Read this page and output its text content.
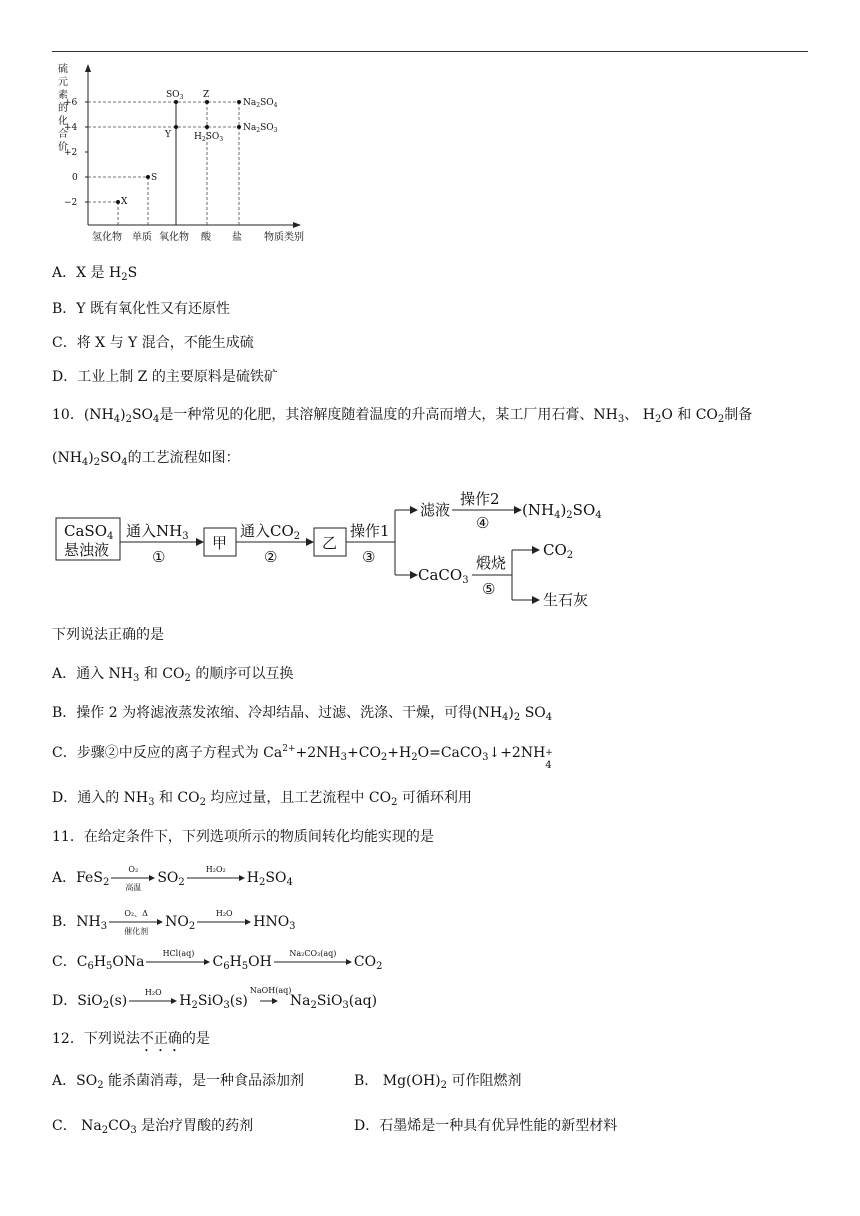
硫
元
素
的
化
合
价
+6
+4
+2
0
−2	X
S
$SO_3$
Y
Z
$H_2SO_3$
$Na_2SO_4$
$Na_2SO_3$
氢化物 单质 氧化物 酸 盐 物质类别
A．X 是 $H_2S$
B．Y 既有氧化性又有还原性
C．将 X 与 Y 混合，不能生成硫
D．工业上制 Z 的主要原料是硫铁矿
10．$(NH_4)_2SO_4$是一种常见的化肥，其溶解度随着温度的升高而增大，某工厂用石膏、$NH_3$、 $H_2O$ 和 $CO_2$制备
$(NH_4)_2SO_4$的工艺流程如图：
CaSO$_4$
悬浊液
通入$NH_3$
①
甲
通入$CO_2$
②
乙
操作1
③
滤液
操作2
④
$(NH_4)_2SO_4$
CaCO$_3$
煅烧
⑤
$CO_2$
生石灰
下列说法正确的是
A．通入 $NH_3$ 和 $CO_2$ 的顺序可以互换
B．操作 2 为将滤液蒸发浓缩、冷却结晶、过滤、洗涤、干燥，可得$(NH_4)_2$ $SO_4$
C．步骤②中反应的离子方程式为 $Ca^{2+}+2NH_3+CO_2+H_2O=CaCO_3↓+2NH$ +
4
D．通入的 $NH_3$ 和 $CO_2$ 均应过量，且工艺流程中 $CO_2$ 可循环利用
11．在给定条件下，下列选项所示的物质间转化均能实现的是
A．FeS$_2$
O₂
高温
$SO_2$
H₂O₂
$H_2SO_4$
B．$NH_3$
O₂、Δ
催化剂
$NO_2$
H₂O
$HNO_3$
C．$C_6H_5ONa$
HCl(aq)
$C_6H_5OH$
Na₂CO₃(aq)
$CO_2$
D．SiO$_2$(s)
H₂O
$H_2SiO_3(s)$
NaOH(aq)
$Na_2SiO_3(aq)$
12．下列说法不正确的是
A．$SO_2$ 能杀菌消毒，是一种食品添加剂	B． $Mg(OH)_2$ 可作阻燃剂
C． $Na_2CO_3$ 是治疗胃酸的药剂	D．石墨烯是一种具有优异性能的新型材料
